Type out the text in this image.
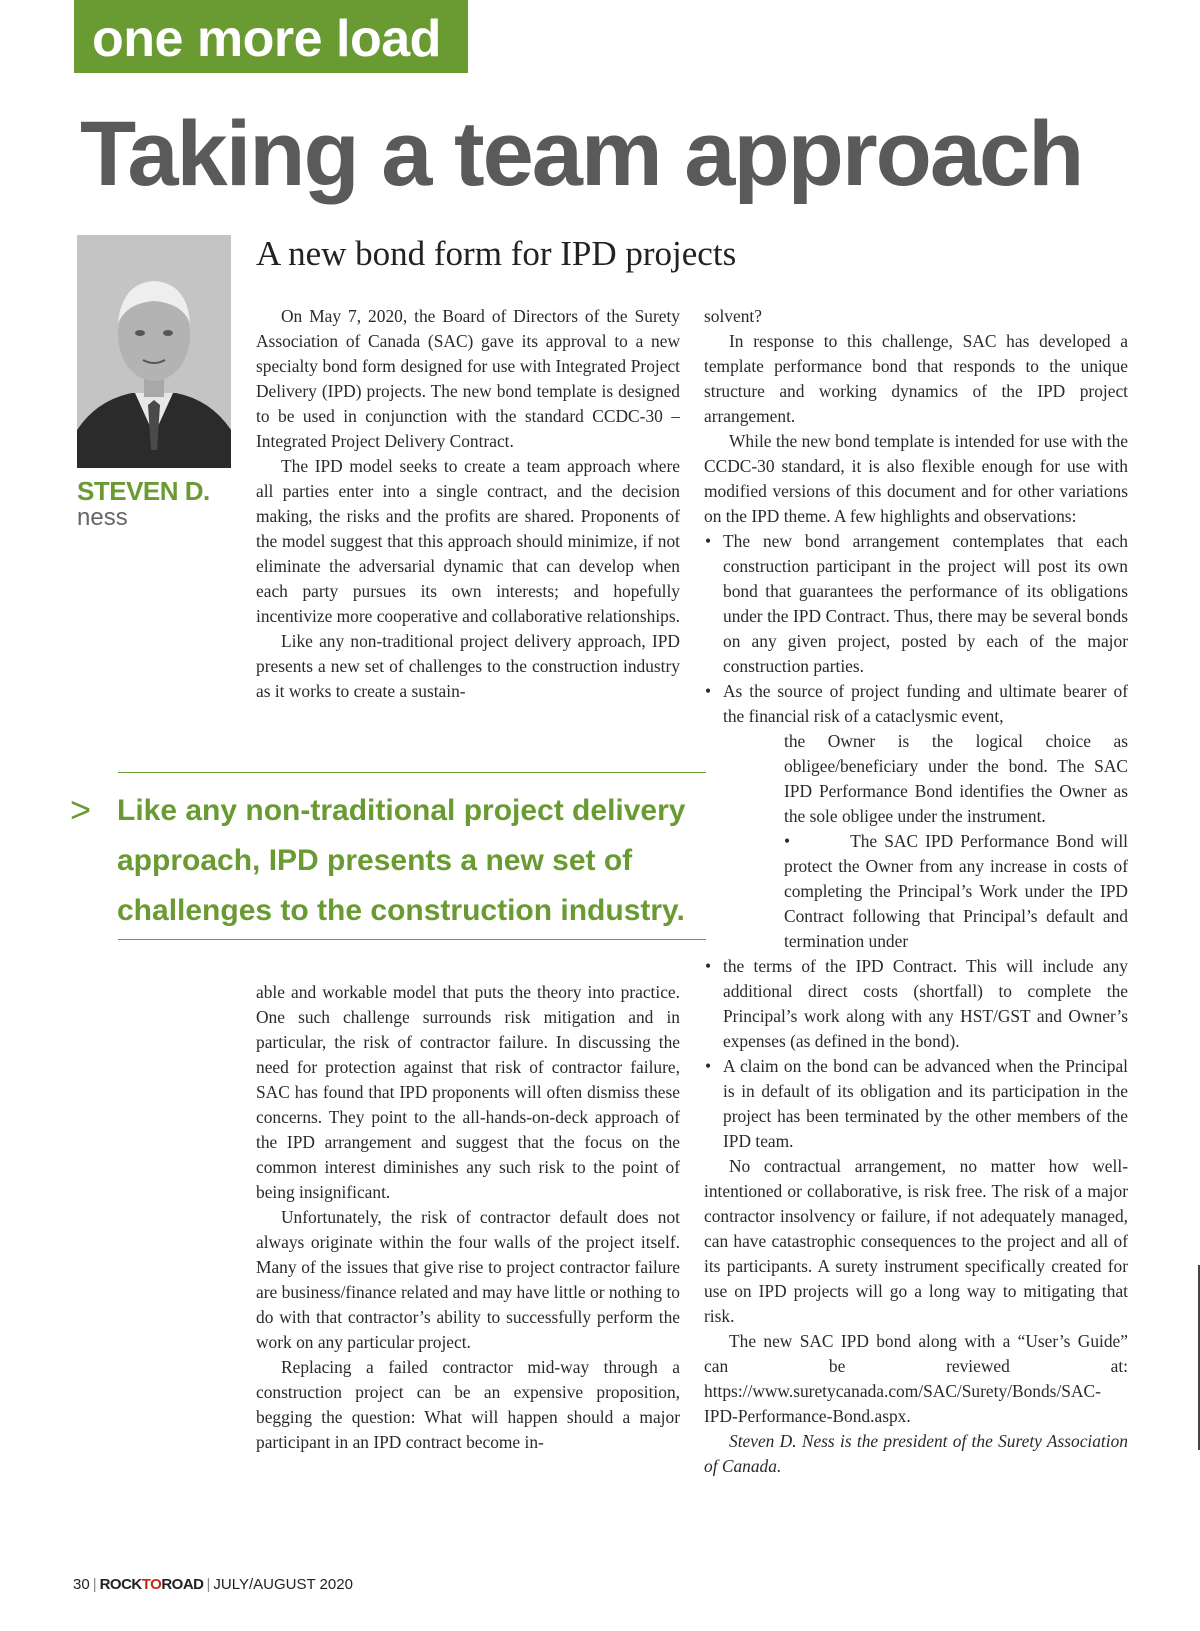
one more load
Taking a team approach
STEVEN D.
ness
A new bond form for IPD projects

On May 7, 2020, the Board of Directors of the Surety Association of Canada (SAC) gave its approval to a new specialty bond form designed for use with Integrated Project Delivery (IPD) projects. The new bond template is designed to be used in conjunction with the standard CCDC-30 – Integrated Project Delivery Contract.

The IPD model seeks to create a team approach where all parties enter into a single contract, and the decision making, the risks and the profits are shared. Proponents of the model suggest that this approach should minimize, if not eliminate the adversarial dynamic that can develop when each party pursues its own interests; and hopefully incentivize more cooperative and collaborative relationships.

Like any non-traditional project delivery approach, IPD presents a new set of challenges to the construction industry as it works to create a sustain-

> Like any non-traditional project delivery approach, IPD presents a new set of challenges to the construction industry.

able and workable model that puts the theory into practice. One such challenge surrounds risk mitigation and in particular, the risk of contractor failure. In discussing the need for protection against that risk of contractor failure, SAC has found that IPD proponents will often dismiss these concerns. They point to the all-hands-on-deck approach of the IPD arrangement and suggest that the focus on the common interest diminishes any such risk to the point of being insignificant.

Unfortunately, the risk of contractor default does not always originate within the four walls of the project itself. Many of the issues that give rise to project contractor failure are business/finance related and may have little or nothing to do with that contractor’s ability to successfully perform the work on any particular project.

Replacing a failed contractor mid-way through a construction project can be an expensive proposition, begging the question: What will happen should a major participant in an IPD contract become in-

solvent?

In response to this challenge, SAC has developed a template performance bond that responds to the unique structure and working dynamics of the IPD project arrangement.

While the new bond template is intended for use with the CCDC-30 standard, it is also flexible enough for use with modified versions of this document and for other variations on the IPD theme. A few highlights and observations:

• The new bond arrangement contemplates that each construction participant in the project will post its own bond that guarantees the performance of its obligations under the IPD Contract. Thus, there may be several bonds on any given project, posted by each of the major construction parties.

• As the source of project funding and ultimate bearer of the financial risk of a cataclysmic event,

the Owner is the logical choice as obligee/beneficiary under the bond. The SAC IPD Performance Bond identifies the Owner as the sole obligee under the instrument.

• The SAC IPD Performance Bond will protect the Owner from any increase in costs of completing the Principal’s Work under the IPD Contract following that Principal’s default and termination under

• the terms of the IPD Contract. This will include any additional direct costs (shortfall) to complete the Principal’s work along with any HST/GST and Owner’s expenses (as defined in the bond).

• A claim on the bond can be advanced when the Principal is in default of its obligation and its participation in the project has been terminated by the other members of the IPD team.

No contractual arrangement, no matter how well-intentioned or collaborative, is risk free. The risk of a major contractor insolvency or failure, if not adequately managed, can have catastrophic consequences to the project and all of its participants. A surety instrument specifically created for use on IPD projects will go a long way to mitigating that risk.

The new SAC IPD bond along with a “User’s Guide” can be reviewed at: https://www.suretycanada.com/SAC/Surety/Bonds/SAC-IPD-Performance-Bond.aspx.

Steven D. Ness is the president of the Surety Association of Canada.

30 | ROCKTOROAD | JULY/AUGUST 2020
